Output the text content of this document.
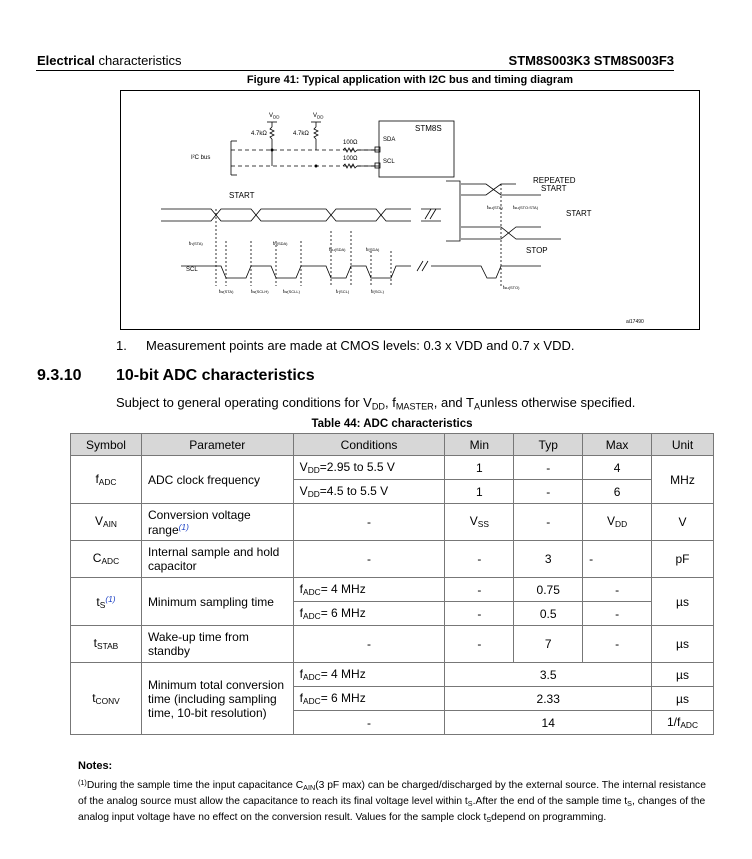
Electrical characteristics	STM8S003K3 STM8S003F3
Figure 41: Typical application with I2C bus and timing diagram
$V_{DD}$	$V_{DD}$
4.7kΩ	4.7kΩ
100Ω
100Ω
STM8S
SDA
SCL
I²C bus
START
REPEATED
START
START
STOP
tsu(STA) tsu(STO:STA)
th(STA)	th(SDA)
tsu(SDA)	tf(SDA)
SCL
tw(STA)	tw(SCLH)	tw(SCLL)	tr(SCL)	tf(SCL)
tsu(STO)
ai17490
1. Measurement points are made at CMOS levels: 0.3 x VDD and 0.7 x VDD.
9.3.10 10-bit ADC characteristics
Subject to general operating conditions for $V_{DD}$, $f_{MASTER}$, and $T_Aunless$ otherwise specified.
Table 44: ADC characteristics
Symbol	Parameter	Conditions	Min	Typ	Max	Unit
$f_{ADC}$	ADC clock frequency	$V_{DD}=2.95$ to 5.5 V	1	-	4	MHz
		$V_{DD}=4.5$ to 5.5 V	1	-	6	
$V_{AIN}$	Conversion voltage range$^{(1)}$	-	$V_{SS}$	-	$V_{DD}$	V
$C_{ADC}$	Internal sample and hold capacitor	-	-	3	-	pF
$t_S^{(1)}$	Minimum sampling time	$f_{ADC}= 4$ MHz	-	0.75	-	µs
		$f_{ADC}= 6$ MHz	-	0.5	-	
$t_{STAB}$	Wake-up time from standby	-	-	7	-	µs
$t_{CONV}$	Minimum total conversion time (including sampling time, 10-bit resolution)	$f_{ADC}= 4$ MHz	3.5			µs
		$f_{ADC}= 6$ MHz	2.33			µs
		-	14			$1/f_{ADC}$
Notes:
$^{(1)}$During the sample time the input capacitance $C_{AIN}(3$ pF max) can be charged/discharged by the external source. The internal resistance of the analog source must allow the capacitance to reach its final voltage level within $t_S.After$ the end of the sample time $t_S$, changes of the analog input voltage have no effect on the conversion result. Values for the sample clock $t_Sdepend$ on programming.
